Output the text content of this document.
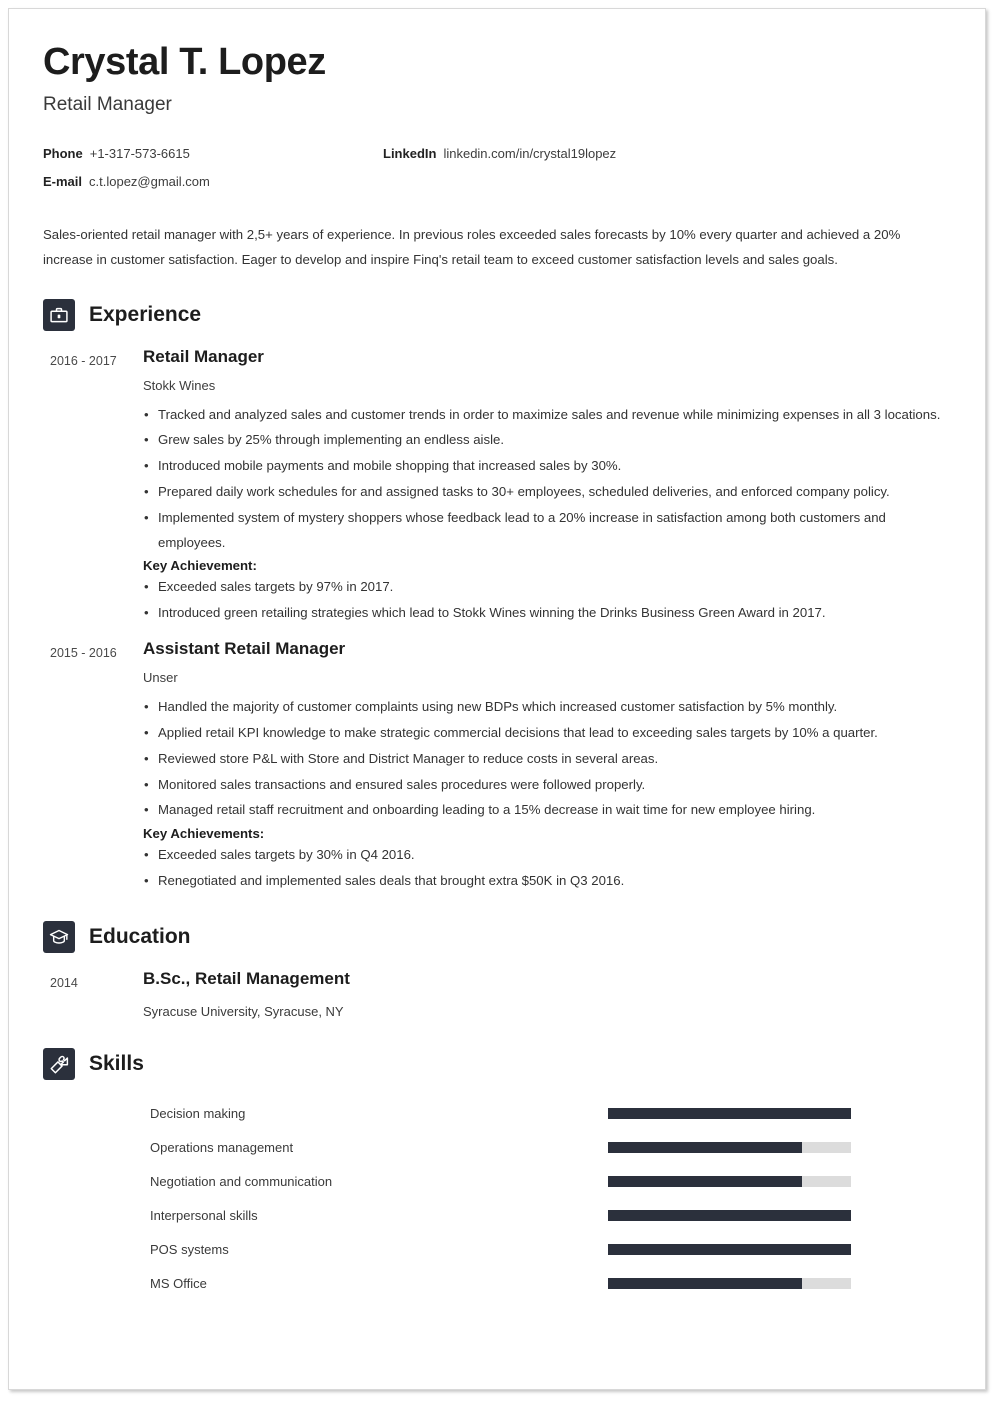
Crystal T. Lopez
Retail Manager
Phone +1-317-573-6615	LinkedIn linkedin.com/in/crystal19lopez
E-mail c.t.lopez@gmail.com

Sales-oriented retail manager with 2,5+ years of experience. In previous roles exceeded sales forecasts by 10% every quarter and achieved a 20% increase in customer satisfaction. Eager to develop and inspire Finq's retail team to exceed customer satisfaction levels and sales goals.

Experience
2016 - 2017	Retail Manager
Stokk Wines
• Tracked and analyzed sales and customer trends in order to maximize sales and revenue while minimizing expenses in all 3 locations.
• Grew sales by 25% through implementing an endless aisle.
• Introduced mobile payments and mobile shopping that increased sales by 30%.
• Prepared daily work schedules for and assigned tasks to 30+ employees, scheduled deliveries, and enforced company policy.
• Implemented system of mystery shoppers whose feedback lead to a 20% increase in satisfaction among both customers and employees.
Key Achievement:
• Exceeded sales targets by 97% in 2017.
• Introduced green retailing strategies which lead to Stokk Wines winning the Drinks Business Green Award in 2017.
2015 - 2016	Assistant Retail Manager
Unser
• Handled the majority of customer complaints using new BDPs which increased customer satisfaction by 5% monthly.
• Applied retail KPI knowledge to make strategic commercial decisions that lead to exceeding sales targets by 10% a quarter.
• Reviewed store P&L with Store and District Manager to reduce costs in several areas.
• Monitored sales transactions and ensured sales procedures were followed properly.
• Managed retail staff recruitment and onboarding leading to a 15% decrease in wait time for new employee hiring.
Key Achievements:
• Exceeded sales targets by 30% in Q4 2016.
• Renegotiated and implemented sales deals that brought extra $50K in Q3 2016.
Education
2014	B.Sc., Retail Management
Syracuse University, Syracuse, NY
Skills
Decision making
Operations management
Negotiation and communication
Interpersonal skills
POS systems
MS Office
